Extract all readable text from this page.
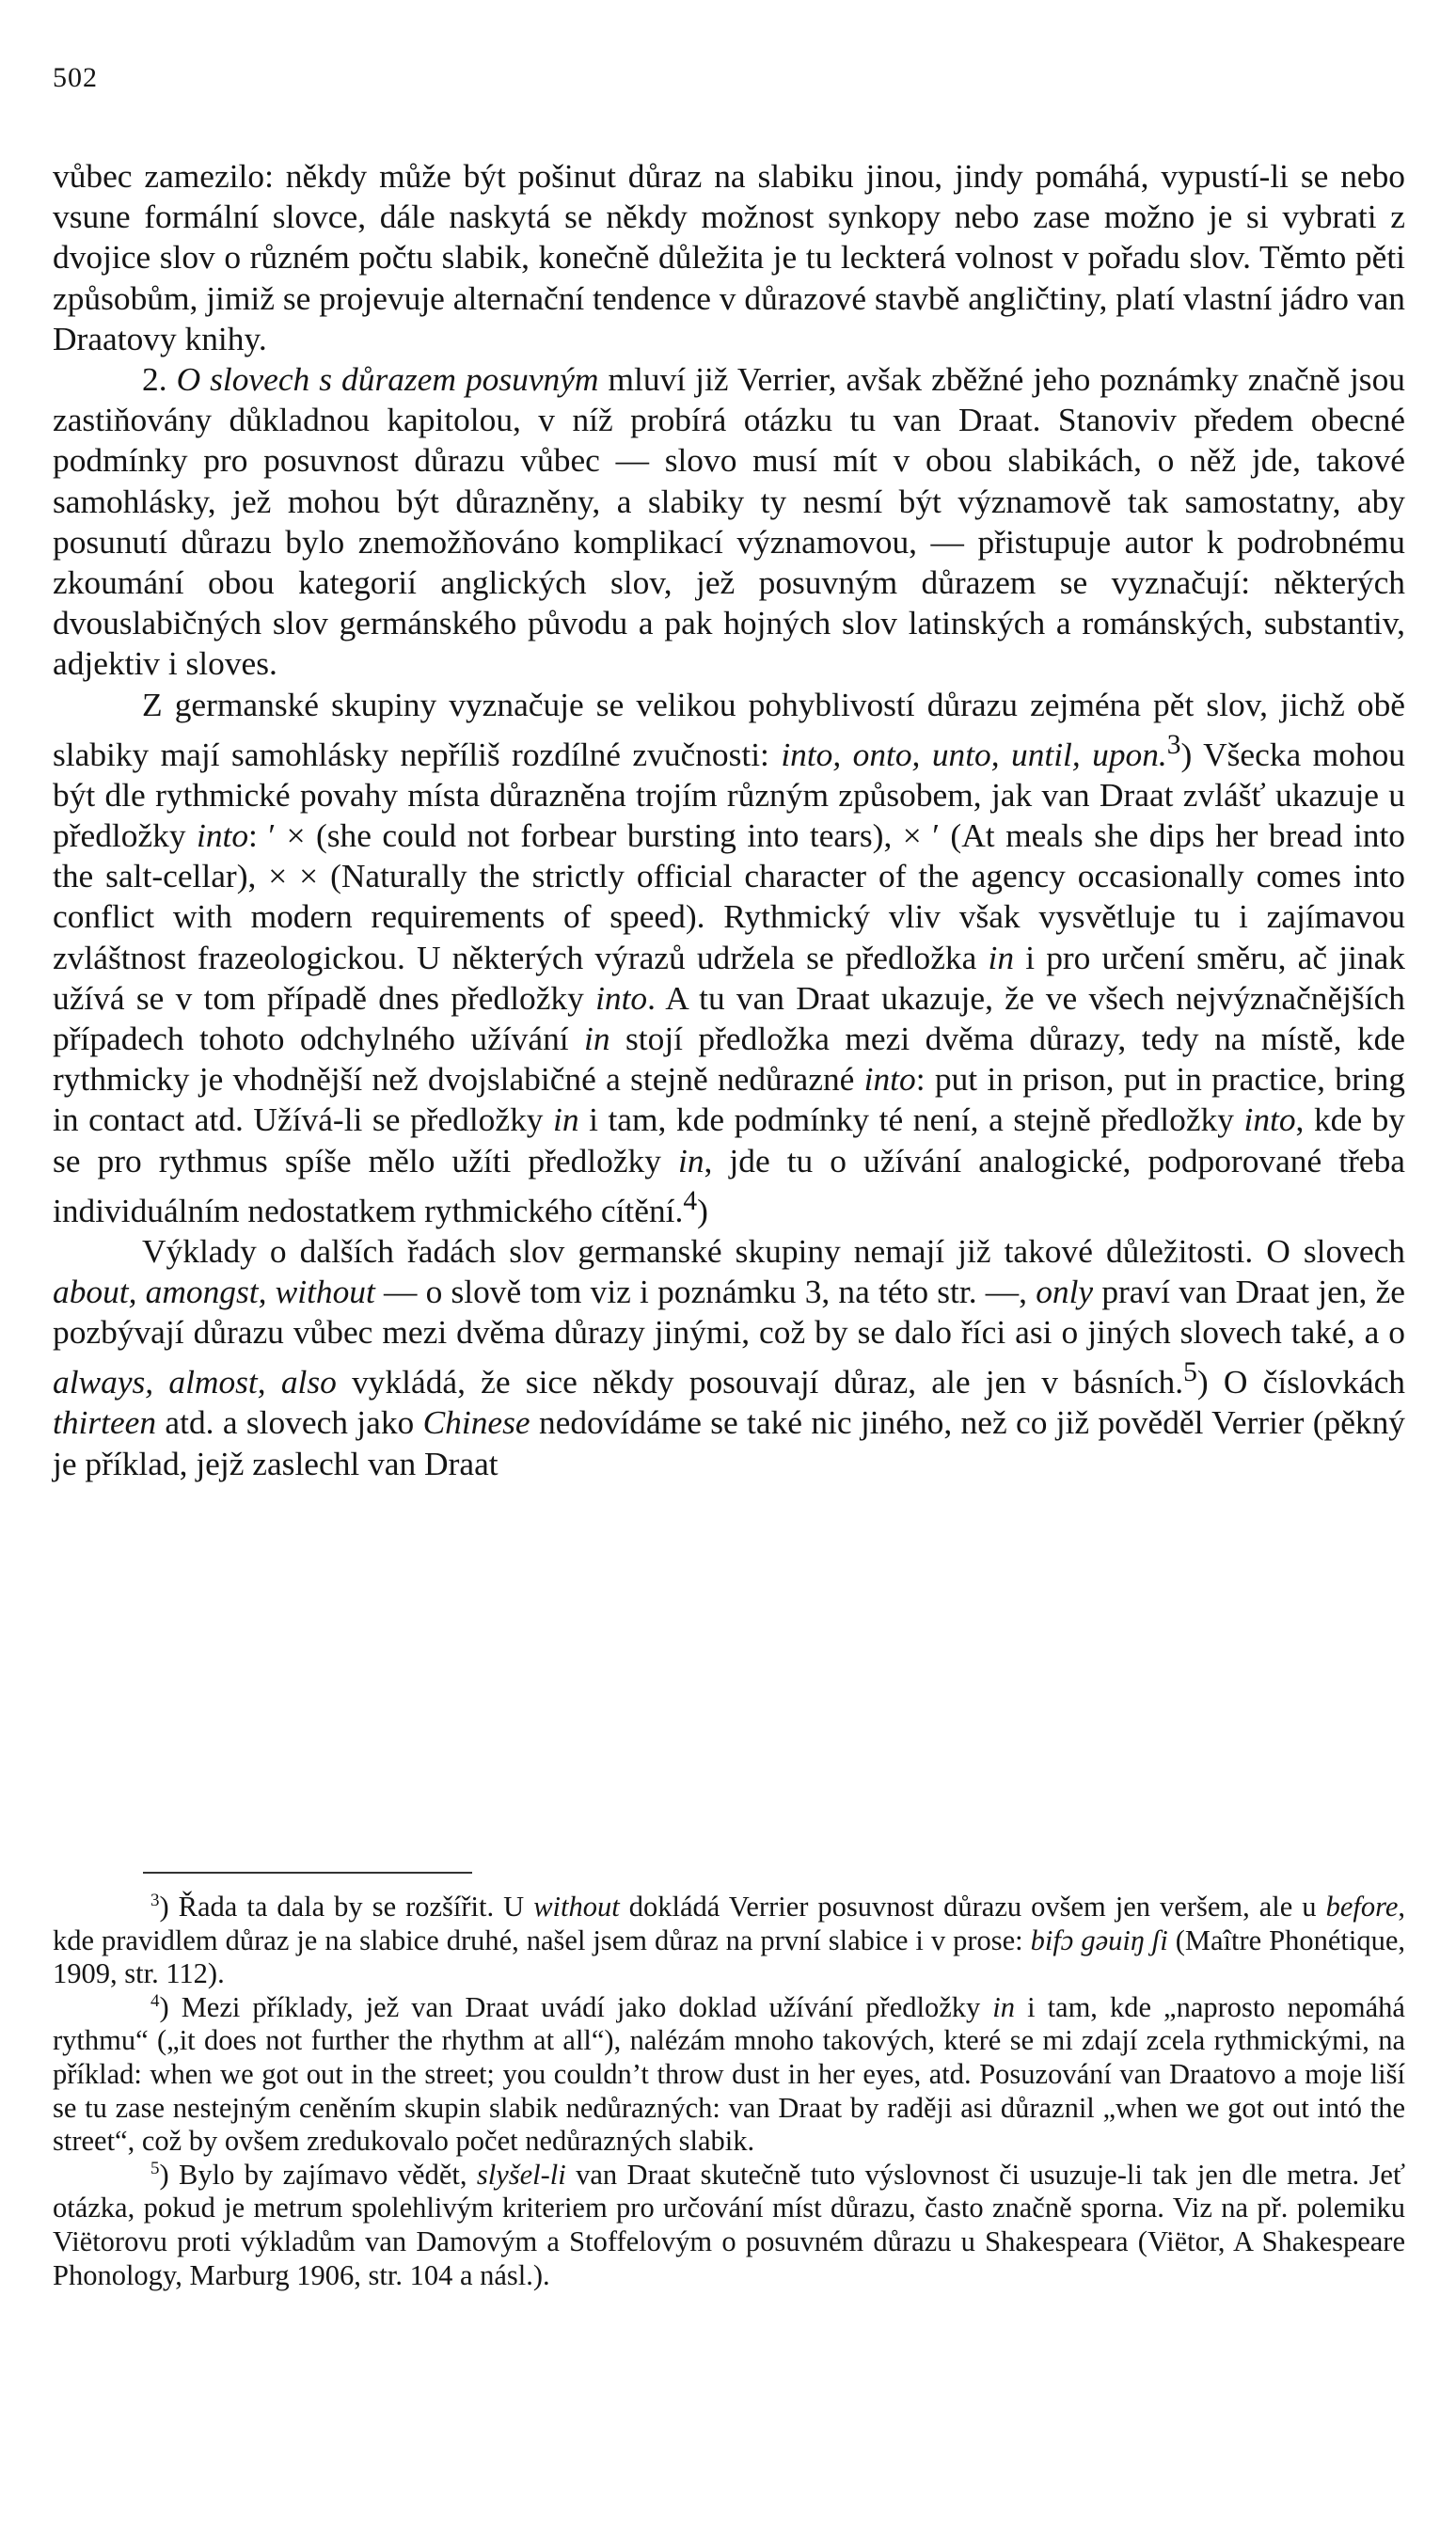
502

vůbec zamezilo: někdy může být pošinut důraz na slabiku jinou, jindy pomáhá, vypustí-li se nebo vsune formální slovce, dále naskytá se někdy možnost synkopy nebo zase možno je si vybrati z dvojice slov o různém počtu slabik, konečně důležita je tu leckterá volnost v pořadu slov. Těmto pěti způsobům, jimiž se projevuje alternační tendence v důrazové stavbě angličtiny, platí vlastní jádro van Draatovy knihy.

2. O slovech s důrazem posuvným mluví již Verrier, avšak zběžné jeho poznámky značně jsou zastiňovány důkladnou kapitolou, v níž probírá otázku tu van Draat. Stanoviv předem obecné podmínky pro posuvnost důrazu vůbec — slovo musí mít v obou slabikách, o něž jde, takové samohlásky, jež mohou být důrazněny, a slabiky ty nesmí být významově tak samostatny, aby posunutí důrazu bylo znemožňováno komplikací významovou, — přistupuje autor k podrobnému zkoumání obou kategorií anglických slov, jež posuvným důrazem se vyznačují: některých dvouslabičných slov germánského původu a pak hojných slov latinských a románských, substantiv, adjektiv i sloves.

Z germanské skupiny vyznačuje se velikou pohyblivostí důrazu zejména pět slov, jichž obě slabiky mají samohlásky nepříliš rozdílné zvučnosti: into, onto, unto, until, upon.$^3$) Všecka mohou být dle rythmické povahy místa důrazněna trojím různým způsobem, jak van Draat zvlášť ukazuje u předložky into: ′ × (she could not forbear bursting into tears), × ′ (At meals she dips her bread into the salt-cellar), × × (Naturally the strictly official character of the agency occasionally comes into conflict with modern requirements of speed). Rythmický vliv však vysvětluje tu i zajímavou zvláštnost frazeologickou. U některých výrazů udržela se předložka in i pro určení směru, ač jinak užívá se v tom případě dnes předložky into. A tu van Draat ukazuje, že ve všech nejvýznačnějších případech tohoto odchylného užívání in stojí předložka mezi dvěma důrazy, tedy na místě, kde rythmicky je vhodnější než dvojslabičné a stejně nedůrazné into: put in prison, put in practice, bring in contact atd. Užívá-li se předložky in i tam, kde podmínky té není, a stejně předložky into, kde by se pro rythmus spíše mělo užíti předložky in, jde tu o užívání analogické, podporované třeba individuálním nedostatkem rythmického cítění.$^4$)

Výklady o dalších řadách slov germanské skupiny nemají již takové důležitosti. O slovech about, amongst, without — o slově tom viz i poznámku 3, na této str. —, only praví van Draat jen, že pozbývají důrazu vůbec mezi dvěma důrazy jinými, což by se dalo říci asi o jiných slovech také, a o always, almost, also vykládá, že sice někdy posouvají důraz, ale jen v básních.$^5$) O číslovkách thirteen atd. a slovech jako Chinese nedovídáme se také nic jiného, než co již pověděl Verrier (pěkný je příklad, jejž zaslechl van Draat

$^3$) Řada ta dala by se rozšířit. U without dokládá Verrier posuvnost důrazu ovšem jen veršem, ale u before, kde pravidlem důraz je na slabice druhé, našel jsem důraz na první slabice i v prose: bifɔ gǝuiŋ ʃi (Maître Phonétique, 1909, str. 112).

$^4$) Mezi příklady, jež van Draat uvádí jako doklad užívání předložky in i tam, kde „naprosto nepomáhá rythmu“ („it does not further the rhythm at all“), nalézám mnoho takových, které se mi zdají zcela rythmickými, na příklad: when we got out in the street; you couldn’t throw dust in her eyes, atd. Posuzování van Draatovo a moje liší se tu zase nestejným ceněním skupin slabik nedůrazných: van Draat by raději asi důraznil „when we got out intó the street“, což by ovšem zredukovalo počet nedůrazných slabik.

$^5$) Bylo by zajímavo vědět, slyšel-li van Draat skutečně tuto výslovnost či usuzuje-li tak jen dle metra. Jeť otázka, pokud je metrum spolehlivým kriteriem pro určování míst důrazu, často značně sporna. Viz na př. polemiku Viëtorovu proti výkladům van Damovým a Stoffelovým o posuvném důrazu u Shakespeara (Viëtor, A Shakespeare Phonology, Marburg 1906, str. 104 a násl.).
